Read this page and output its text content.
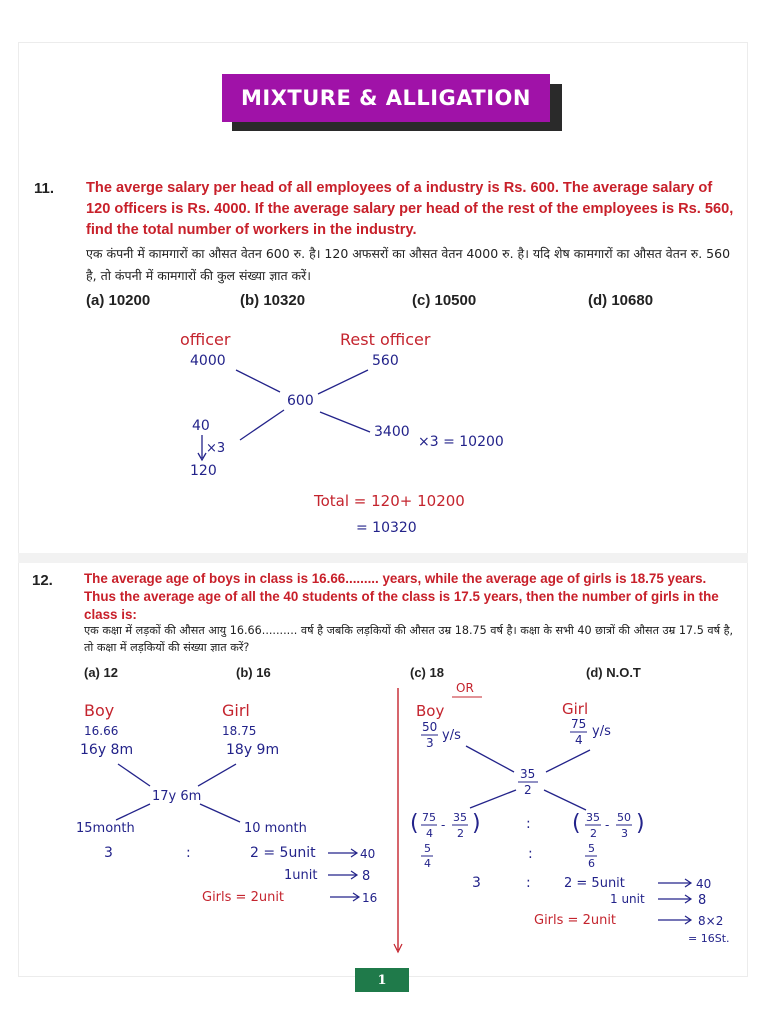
MIXTURE & ALLIGATION
11. The averge salary per head of all employees of a industry is Rs. 600. The average salary of 120 officers is Rs. 4000. If the average salary per head of the rest of the employees is Rs. 560, find the total number of workers in the industry.
एक कंपनी में कामगारों का औसत वेतन 600 रु. है। 120 अफसरों का औसत वेतन 4000 रु. है। यदि शेष कामगारों का औसत वेतन रु. 560 है, तो कंपनी में कामगारों की कुल संख्या ज्ञात करें।
(a) 10200	(b) 10320	(c) 10500	(d) 10680
officer
4000
Rest officer
560
600
40
×3
120
3400
×3 = 10200
Total = 120+ 10200
= 10320
12. The average age of boys in class is 16.66......... years, while the average age of girls is 18.75 years. Thus the average age of all the 40 students of the class is 17.5 years, then the number of girls in the class is:
एक कक्षा में लड़कों की औसत आयु 16.66.......... वर्ष है जबकि लड़कियों की औसत उम्र 18.75 वर्ष है। कक्षा के सभी 40 छात्रों की औसत उम्र 17.5 वर्ष है, तो कक्षा में लड़कियों की संख्या ज्ञात करें?
(a) 12	(b) 16	(c) 18	(d) N.O.T
Boy
16.66
16y 8m
Girl
18.75
18y 9m
17y 6m
15month	10 month
3	:	2 = 5unit	40
1unit	8
Girls = 2unit	16
OR
Boy	Girl
50
3 y/s
75
4
y/s
35
2
( 75
4
-
35
2 )	: ( 35
2
-
50
3 )
5
4
:	5
6
3	:	2 = 5unit	40
1 unit	8
Girls = 2unit	8×2
= 16St.
1
